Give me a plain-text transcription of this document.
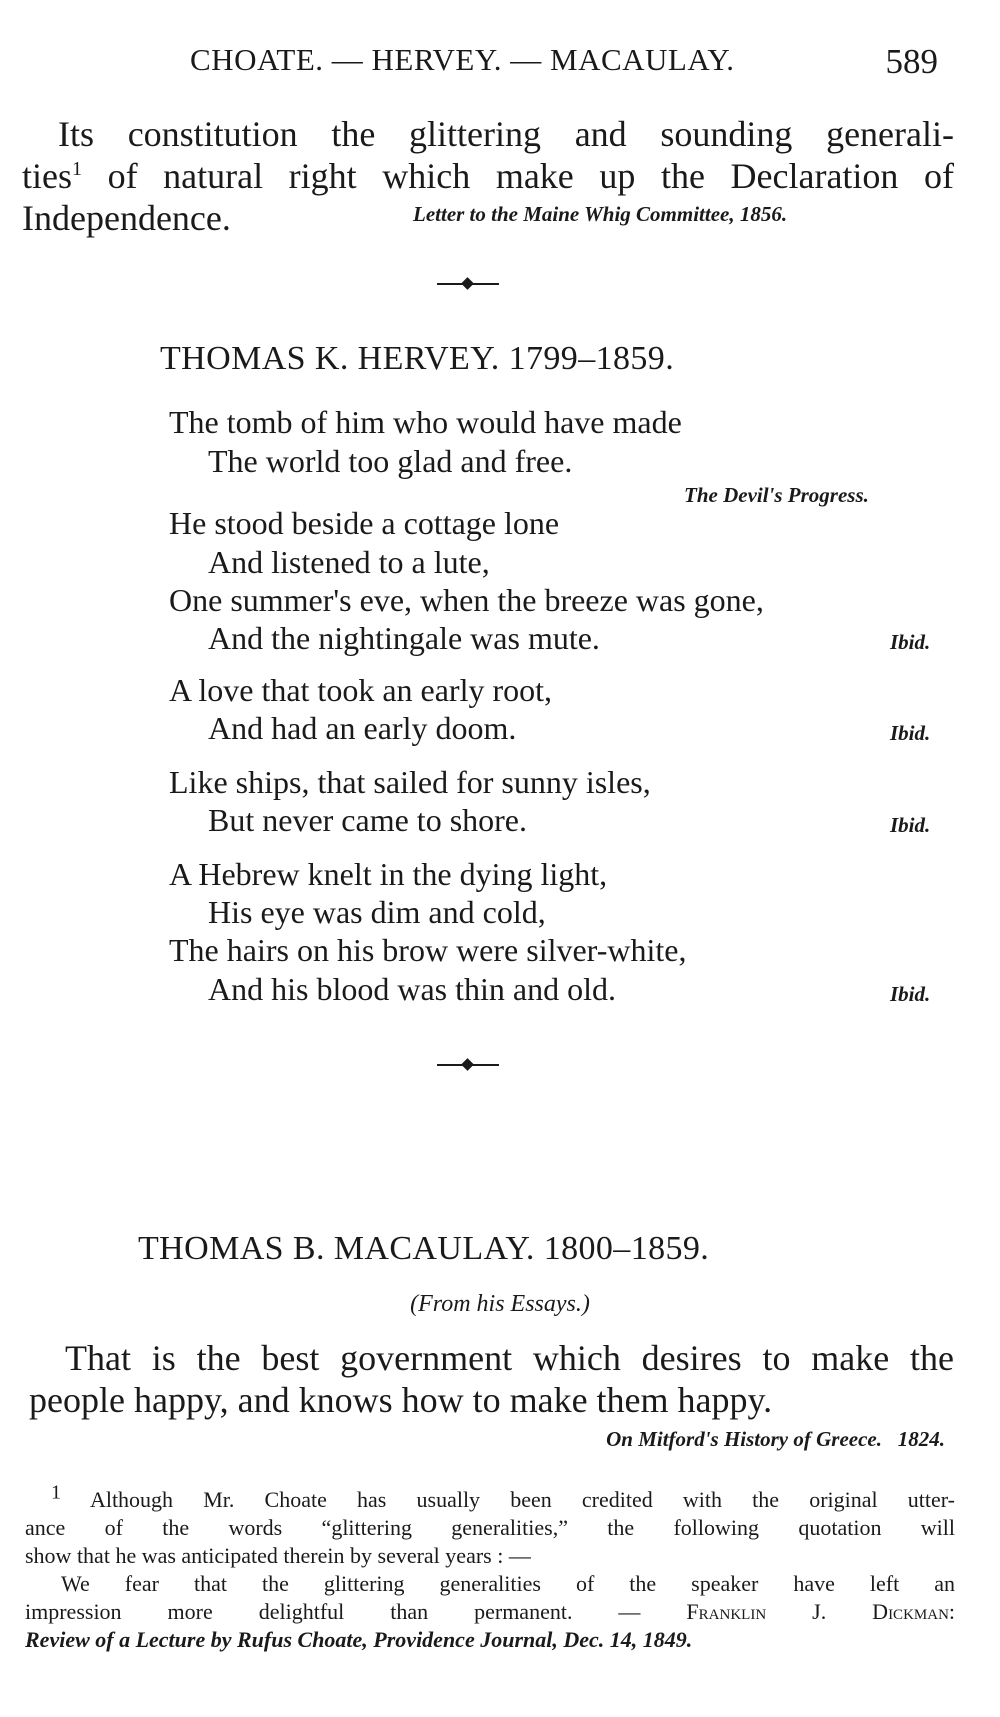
CHOATE. — HERVEY. — MACAULAY.	589
Its constitution the glittering and sounding generali-
ties$^1$ of natural right which make up the Declaration of
Independence.	Letter to the Maine Whig Committee, 1856.
THOMAS K. HERVEY. 1799–1859.
The tomb of him who would have made
The world too glad and free.
The Devil's Progress.
He stood beside a cottage lone
And listened to a lute,
One summer's eve, when the breeze was gone,
And the nightingale was mute.	Ibid.
A love that took an early root,
And had an early doom.	Ibid.
Like ships, that sailed for sunny isles,
But never came to shore.	Ibid.
A Hebrew knelt in the dying light,
His eye was dim and cold,
The hairs on his brow were silver-white,
And his blood was thin and old.	Ibid.
THOMAS B. MACAULAY. 1800–1859.
(From his Essays.)
That is the best government which desires to make the
people happy, and knows how to make them happy.
On Mitford's History of Greece. 1824.
1 Although Mr. Choate has usually been credited with the original utter-
ance of the words “glittering generalities,” the following quotation will
show that he was anticipated therein by several years : —
We fear that the glittering generalities of the speaker have left an
impression more delightful than permanent. — Franklin J. Dickman:
Review of a Lecture by Rufus Choate, Providence Journal, Dec. 14, 1849.
